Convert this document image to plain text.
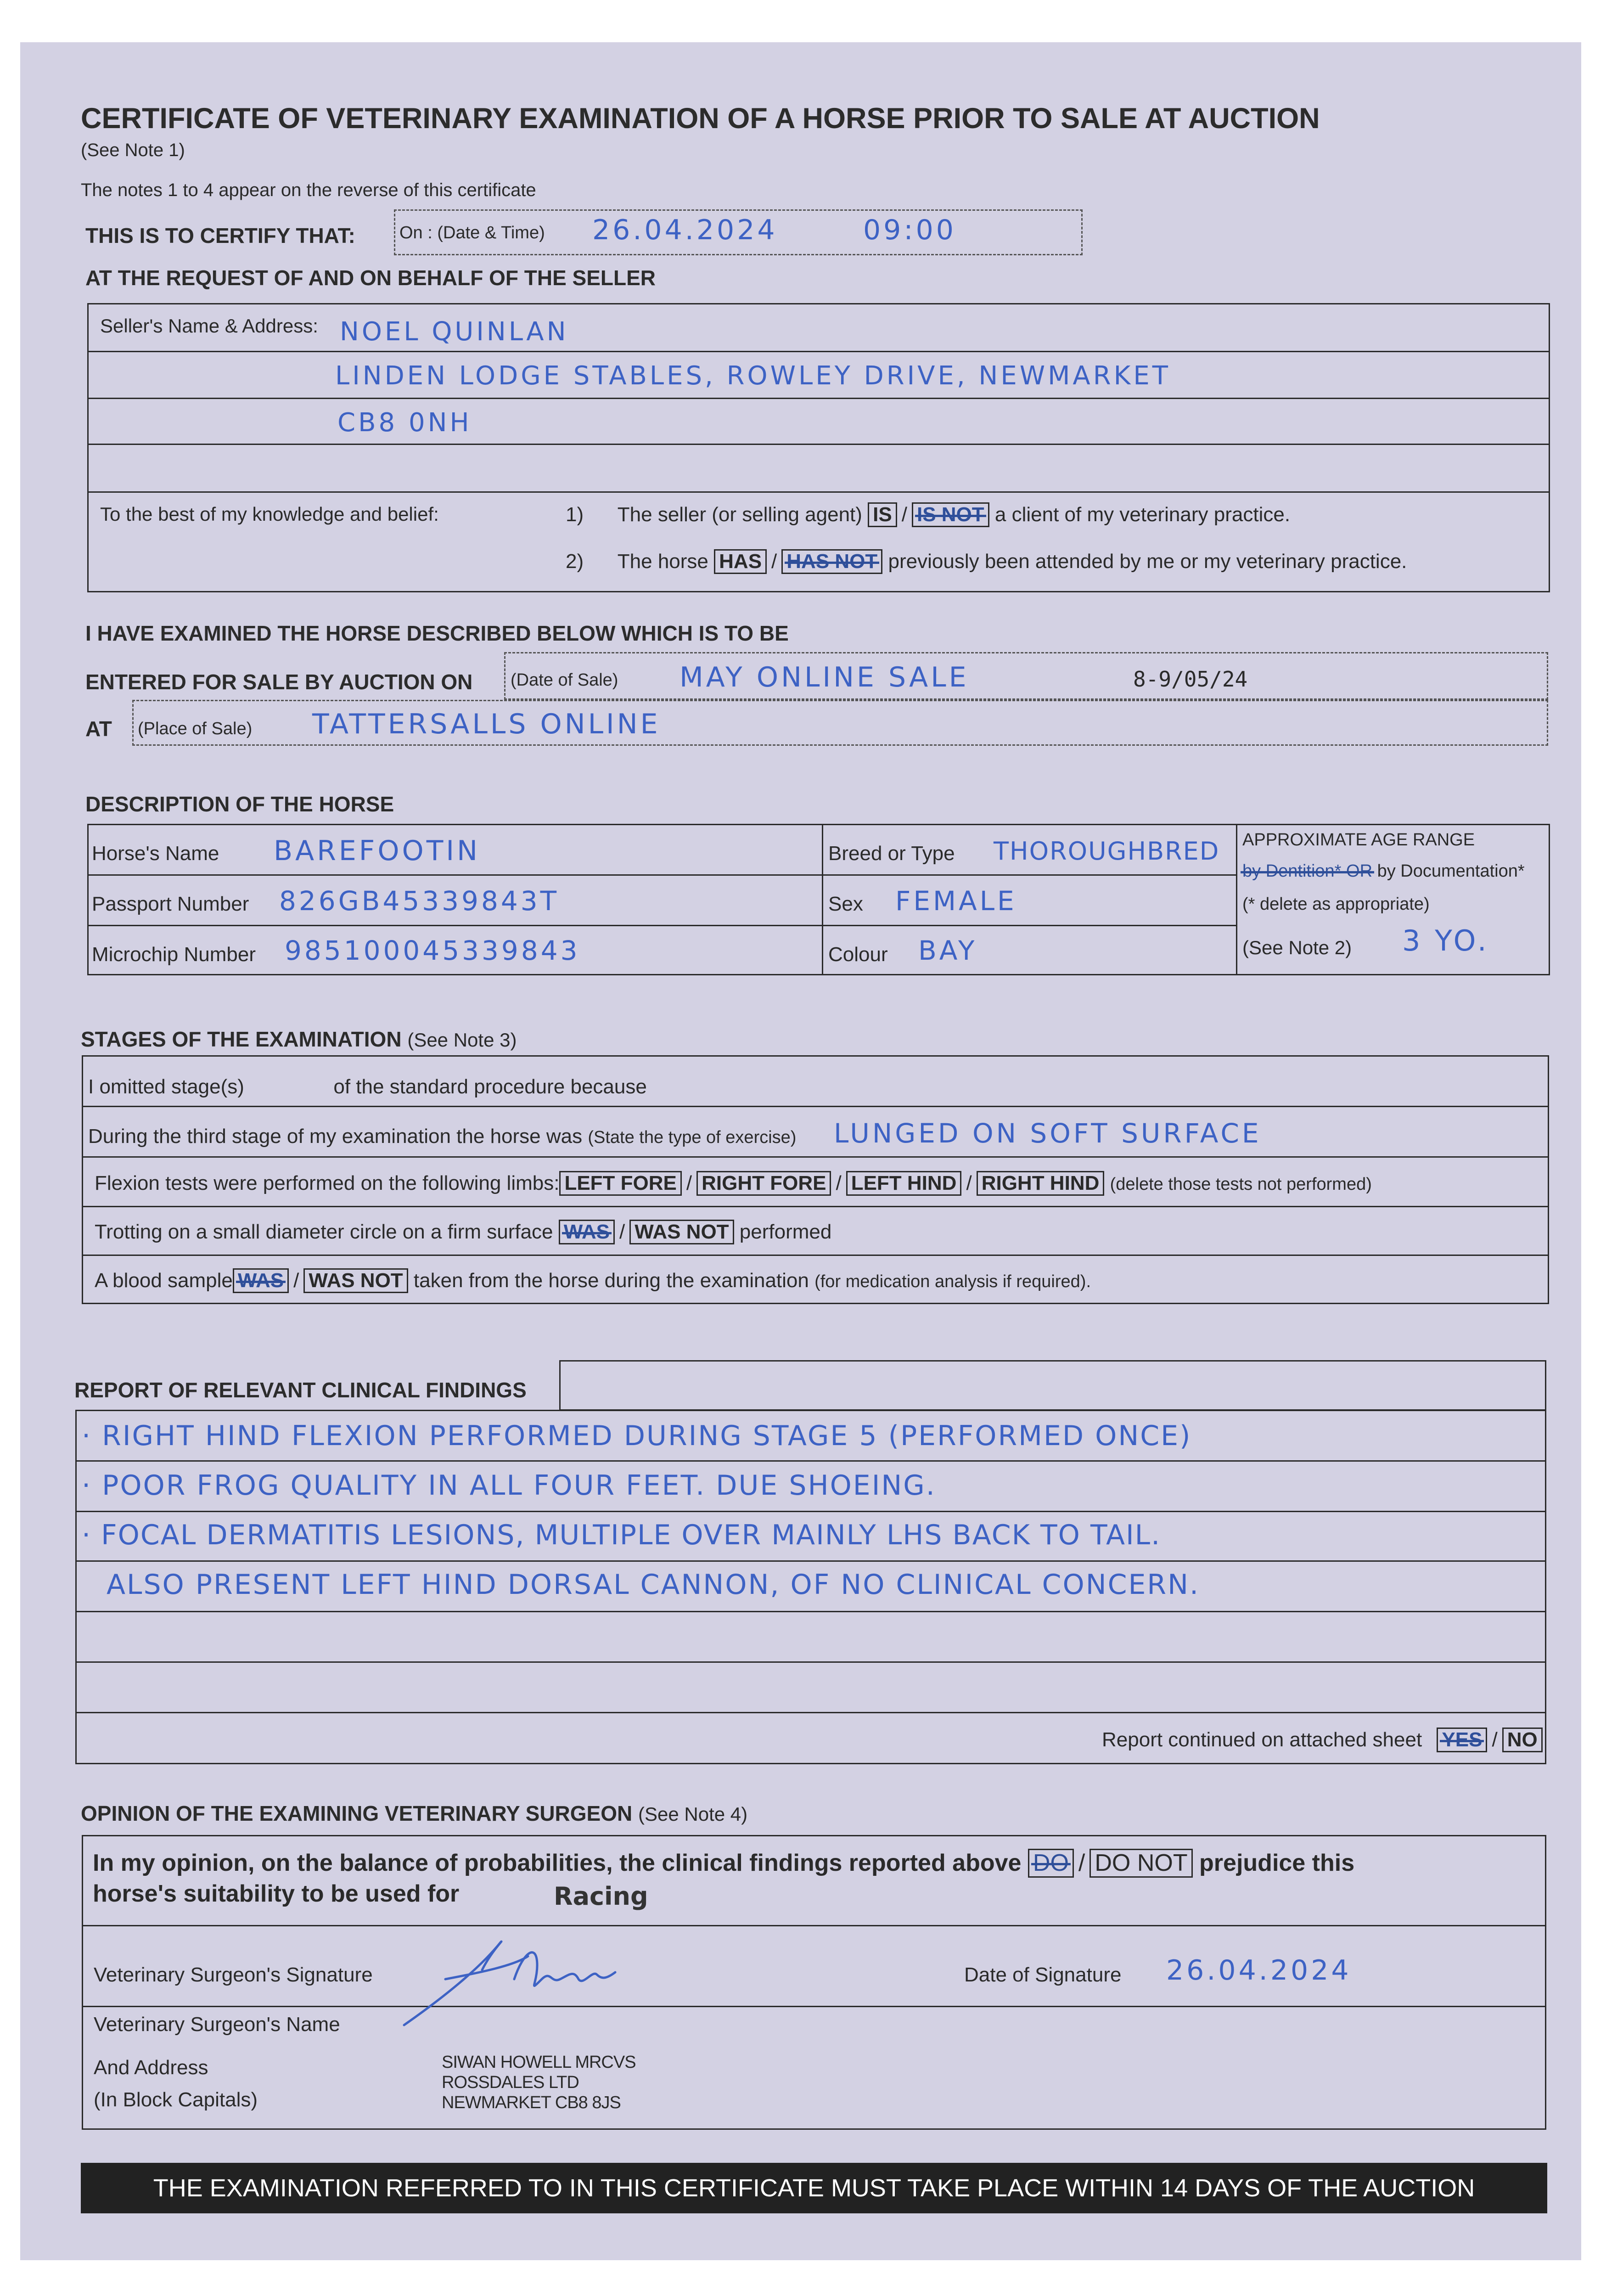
CERTIFICATE OF VETERINARY EXAMINATION OF A HORSE PRIOR TO SALE AT AUCTION
(See Note 1)
The notes 1 to 4 appear on the reverse of this certificate
THIS IS TO CERTIFY THAT:	On : (Date & Time) 26.04.2024	09:00
AT THE REQUEST OF AND ON BEHALF OF THE SELLER
Seller's Name & Address: NOEL QUINLAN
LINDEN LODGE STABLES, ROWLEY DRIVE, NEWMARKET
CB8 0NH
To the best of my knowledge and belief:	1) The seller (or selling agent) IS / IS NOT a client of my veterinary practice.
2) The horse HAS / HAS NOT previously been attended by me or my veterinary practice.
I HAVE EXAMINED THE HORSE DESCRIBED BELOW WHICH IS TO BE
ENTERED FOR SALE BY AUCTION ON (Date of Sale) MAY ONLINE SALE	8-9/05/24
AT (Place of Sale) TATTERSALLS ONLINE
DESCRIPTION OF THE HORSE
Horse's Name BAREFOOTIN
Passport Number 826GB45339843T
Microchip Number 985100045339843
Breed or Type THOROUGHBRED
Sex FEMALE
Colour BAY
APPROXIMATE AGE RANGE
by Dentition* OR by Documentation*
(* delete as appropriate)
(See Note 2) 3 YO.
STAGES OF THE EXAMINATION (See Note 3)
I omitted stage(s)	of the standard procedure because
During the third stage of my examination the horse was (State the type of exercise) LUNGED ON SOFT SURFACE
Flexion tests were performed on the following limbs: LEFT FORE / RIGHT FORE / LEFT HIND / RIGHT HIND (delete those tests not performed)
Trotting on a small diameter circle on a firm surface WAS / WAS NOT performed
A blood sample WAS / WAS NOT taken from the horse during the examination (for medication analysis if required).
REPORT OF RELEVANT CLINICAL FINDINGS
· RIGHT HIND FLEXION PERFORMED DURING STAGE 5 (PERFORMED ONCE)
· POOR FROG QUALITY IN ALL FOUR FEET. DUE SHOEING.
· FOCAL DERMATITIS LESIONS, MULTIPLE OVER MAINLY LHS BACK TO TAIL.
ALSO PRESENT LEFT HIND DORSAL CANNON, OF NO CLINICAL CONCERN.
Report continued on attached sheet YES / NO
OPINION OF THE EXAMINING VETERINARY SURGEON (See Note 4)
In my opinion, on the balance of probabilities, the clinical findings reported above DO / DO NOT prejudice this
horse's suitability to be used for	Racing
Veterinary Surgeon's Signature	Date of Signature 26.04.2024
Veterinary Surgeon's Name
And Address
(In Block Capitals)
SIWAN HOWELL MRCVS
ROSSDALES LTD
NEWMARKET CB8 8JS
THE EXAMINATION REFERRED TO IN THIS CERTIFICATE MUST TAKE PLACE WITHIN 14 DAYS OF THE AUCTION
